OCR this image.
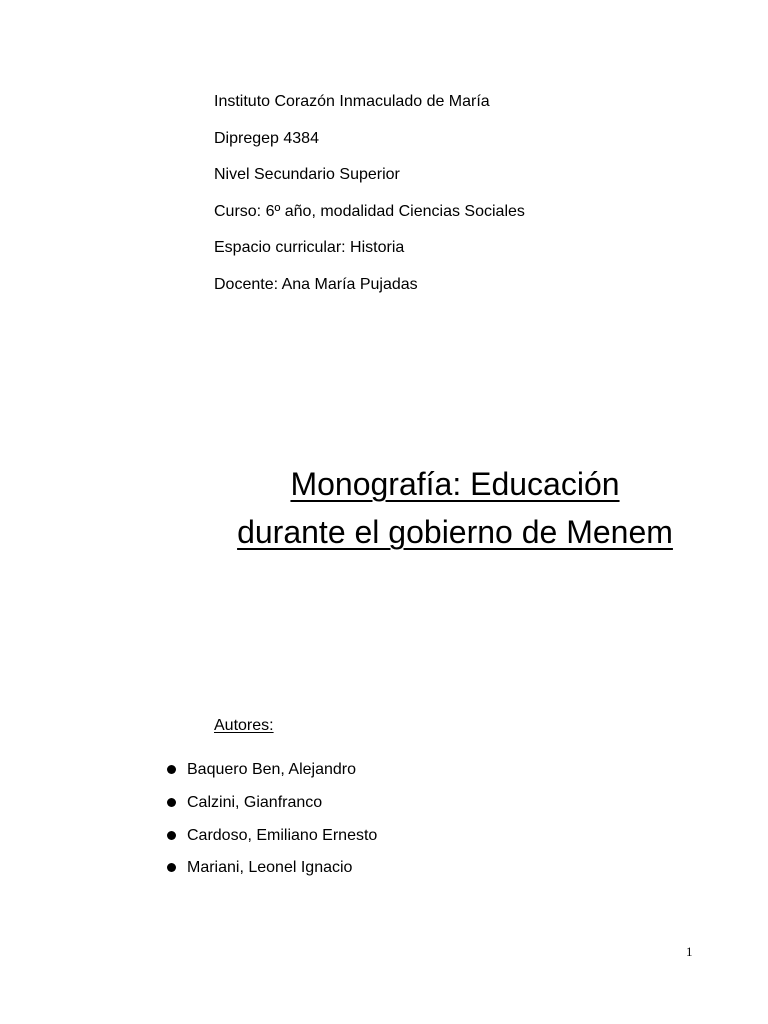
Instituto Corazón Inmaculado de María
Dipregep 4384
Nivel Secundario Superior
Curso: 6º año, modalidad Ciencias Sociales
Espacio curricular: Historia
Docente: Ana María Pujadas
Monografía: Educación
durante el gobierno de Menem
Autores:
Baquero Ben, Alejandro
Calzini, Gianfranco
Cardoso, Emiliano Ernesto
Mariani, Leonel Ignacio
1
